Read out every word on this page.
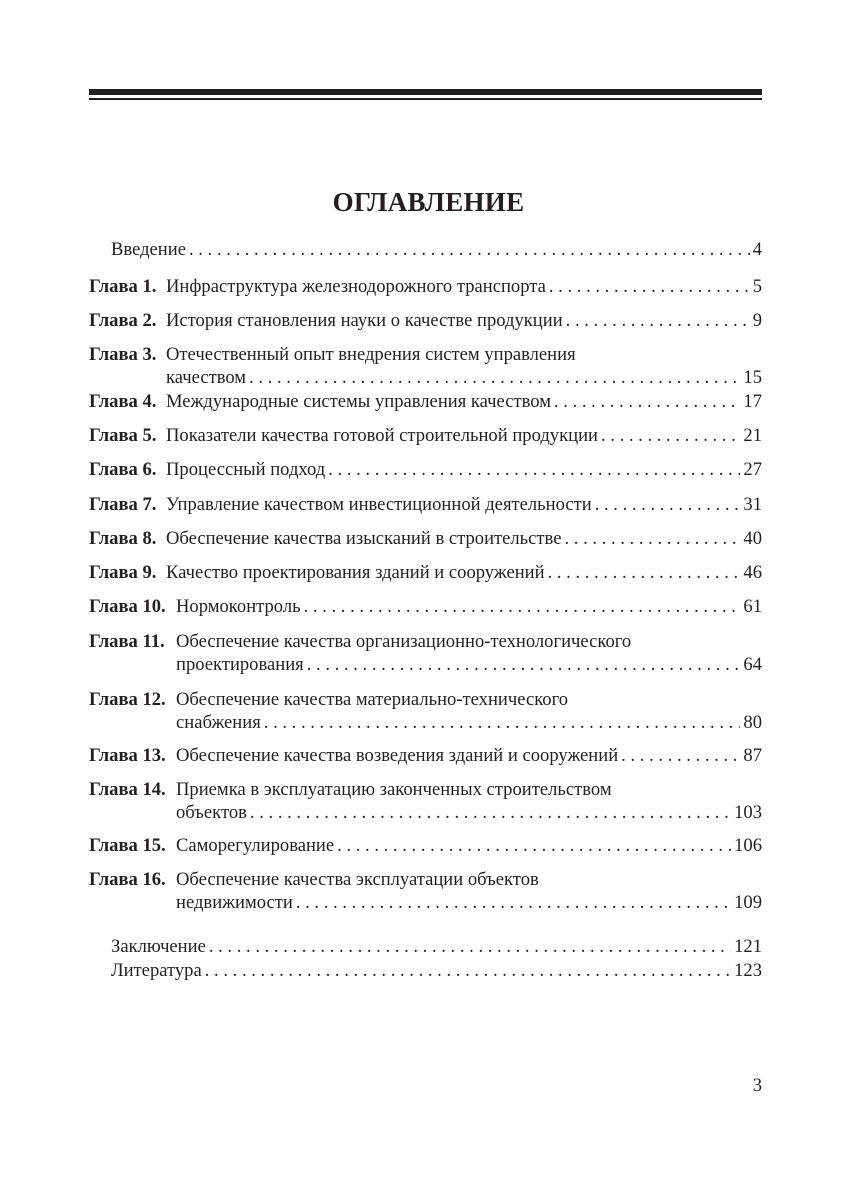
ОГЛАВЛЕНИЕ
Введение . . .	4
Глава 1. Инфраструктура железнодорожного транспорта . . .	5
Глава 2. История становления науки о качестве продукции . . .	9
Глава 3. Отечественный опыт внедрения систем управления
качеством . . .	15
Глава 4. Международные системы управления качеством . . .	17
Глава 5. Показатели качества готовой строительной продукции . . .	21
Глава 6. Процессный подход . . .	27
Глава 7. Управление качеством инвестиционной деятельности . . .	31
Глава 8. Обеспечение качества изысканий в строительстве . . .	40
Глава 9. Качество проектирования зданий и сооружений . . .	46
Глава 10. Нормоконтроль . . .	61
Глава 11. Обеспечение качества организационно-технологического
проектирования . . .	64
Глава 12. Обеспечение качества материально-технического
снабжения . . .	80
Глава 13. Обеспечение качества возведения зданий и сооружений . . .	87
Глава 14. Приемка в эксплуатацию законченных строительством
объектов . . .	103
Глава 15. Саморегулирование . . .	106
Глава 16. Обеспечение качества эксплуатации объектов
недвижимости . . .	109
Заключение . . .	121
Литература . . .	123
3
